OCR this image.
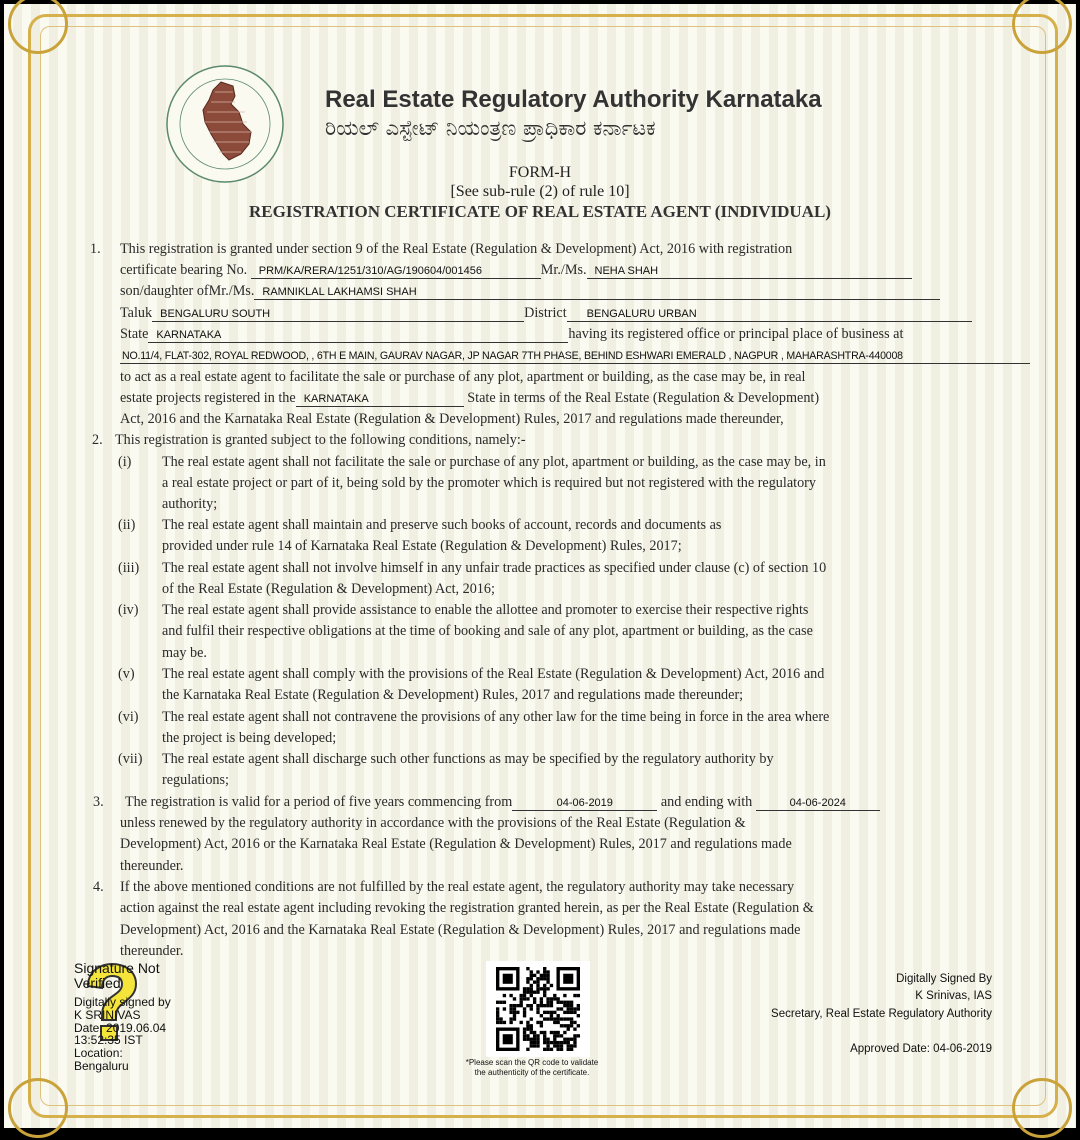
Real Estate Regulatory Authority Karnataka
ರಿಯಲ್ ಎಸ್ಟೇಟ್ ನಿಯಂತ್ರಣ ಪ್ರಾಧಿಕಾರ ಕರ್ನಾಟಕ
FORM-H
[See sub-rule (2) of rule 10]
REGISTRATION CERTIFICATE OF REAL ESTATE AGENT (INDIVIDUAL)
1. This registration is granted under section 9 of the Real Estate (Regulation & Development) Act, 2016 with registration
certificate bearing No. PRM/KA/RERA/1251/310/AG/190604/001456	Mr./Ms. NEHA SHAH
son/daughter ofMr./Ms. RAMNIKLAL LAKHAMSI SHAH
Taluk BENGALURU SOUTH	District BENGALURU URBAN
State KARNATAKA	having its registered office or principal place of business at
NO.11/4, FLAT-302, ROYAL REDWOOD, , 6TH E MAIN, GAURAV NAGAR, JP NAGAR 7TH PHASE, BEHIND ESHWARI EMERALD , NAGPUR , MAHARASHTRA-440008
to act as a real estate agent to facilitate the sale or purchase of any plot, apartment or building, as the case may be, in real
estate projects registered in the KARNATAKA	State in terms of the Real Estate (Regulation & Development)
Act, 2016 and the Karnataka Real Estate (Regulation & Development) Rules, 2017 and regulations made thereunder,
2. This registration is granted subject to the following conditions, namely:-
(i) The real estate agent shall not facilitate the sale or purchase of any plot, apartment or building, as the case may be, in
a real estate project or part of it, being sold by the promoter which is required but not registered with the regulatory
authority;
(ii) The real estate agent shall maintain and preserve such books of account, records and documents as
provided under rule 14 of Karnataka Real Estate (Regulation & Development) Rules, 2017;
(iii) The real estate agent shall not involve himself in any unfair trade practices as specified under clause (c) of section 10
of the Real Estate (Regulation & Development) Act, 2016;
(iv) The real estate agent shall provide assistance to enable the allottee and promoter to exercise their respective rights
and fulfil their respective obligations at the time of booking and sale of any plot, apartment or building, as the case
may be.
(v) The real estate agent shall comply with the provisions of the Real Estate (Regulation & Development) Act, 2016 and
the Karnataka Real Estate (Regulation & Development) Rules, 2017 and regulations made thereunder;
(vi) The real estate agent shall not contravene the provisions of any other law for the time being in force in the area where
the project is being developed;
(vii) The real estate agent shall discharge such other functions as may be specified by the regulatory authority by
regulations;
3. The registration is valid for a period of five years commencing from	04-06-2019	and ending with	04-06-2024
unless renewed by the regulatory authority in accordance with the provisions of the Real Estate (Regulation &
Development) Act, 2016 or the Karnataka Real Estate (Regulation & Development) Rules, 2017 and regulations made
thereunder.
4. If the above mentioned conditions are not fulfilled by the real estate agent, the regulatory authority may take necessary
action against the real estate agent including revoking the registration granted herein, as per the Real Estate (Regulation &
Development) Act, 2016 and the Karnataka Real Estate (Regulation & Development) Rules, 2017 and regulations made
thereunder.
Signature Not
Verified
Digitally signed by
K SRINIVAS
Date: 2019.06.04
13:52:35 IST
Location:
Bengaluru	*Please scan the QR code to validate
the authenticity of the certificate.
Digitally Signed By
K Srinivas, IAS
Secretary, Real Estate Regulatory Authority
Approved Date: 04-06-2019
